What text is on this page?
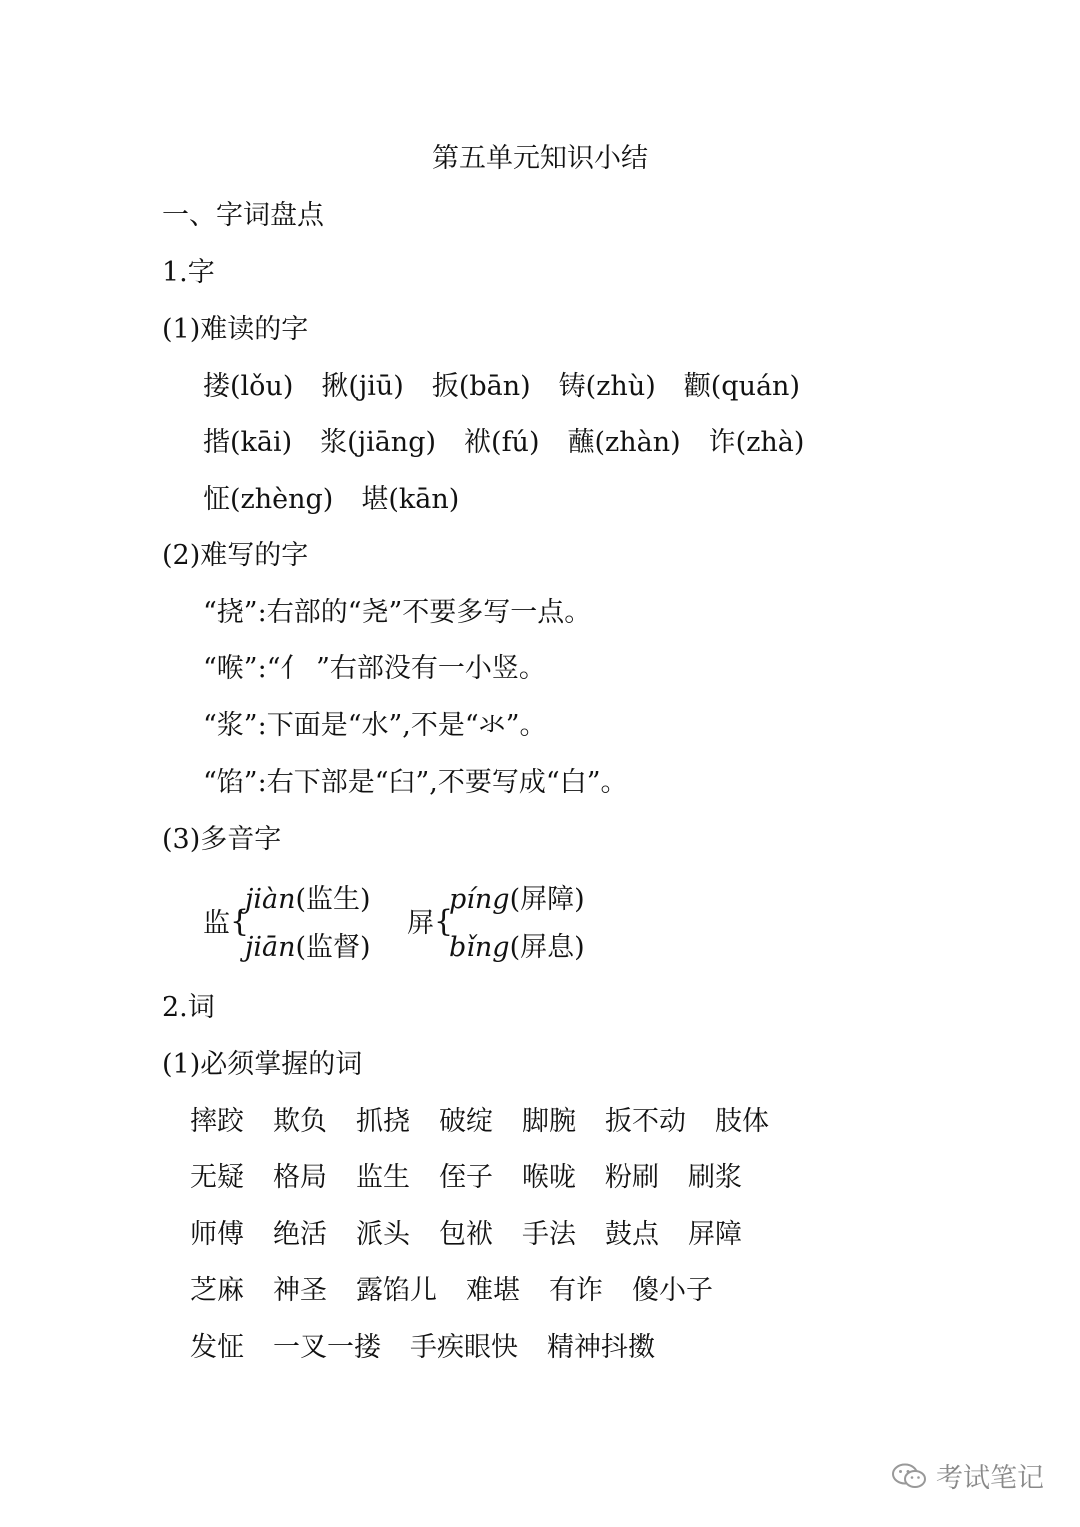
第五单元知识小结
一、字词盘点
1.字
(1)难读的字
搂(lǒu) 揪(jiū) 扳(bān) 铸(zhù) 颧(quán)
揩(kāi) 浆(jiāng) 袱(fú) 蘸(zhàn) 诈(zhà)
怔(zhèng) 堪(kān)
(2)难写的字
“挠”:右部的“尧”不要多写一点。
“喉”:“亻 ”右部没有一小竖。
“浆”:下面是“水”,不是“氺”。
“馅”:右下部是“臼”,不要写成“白”。
(3)多音字
监 {
jiàn(监生)
jiān(监督)
屏 {
píng(屏障)
bǐng(屏息)
2.词
(1)必须掌握的词
摔跤 欺负 抓挠 破绽 脚腕 扳不动 肢体
无疑 格局 监生 侄子 喉咙 粉刷 刷浆
师傅 绝活 派头 包袱 手法 鼓点 屏障
芝麻 神圣 露馅儿 难堪 有诈 傻小子
发怔 一叉一搂 手疾眼快 精神抖擞
考试笔记
